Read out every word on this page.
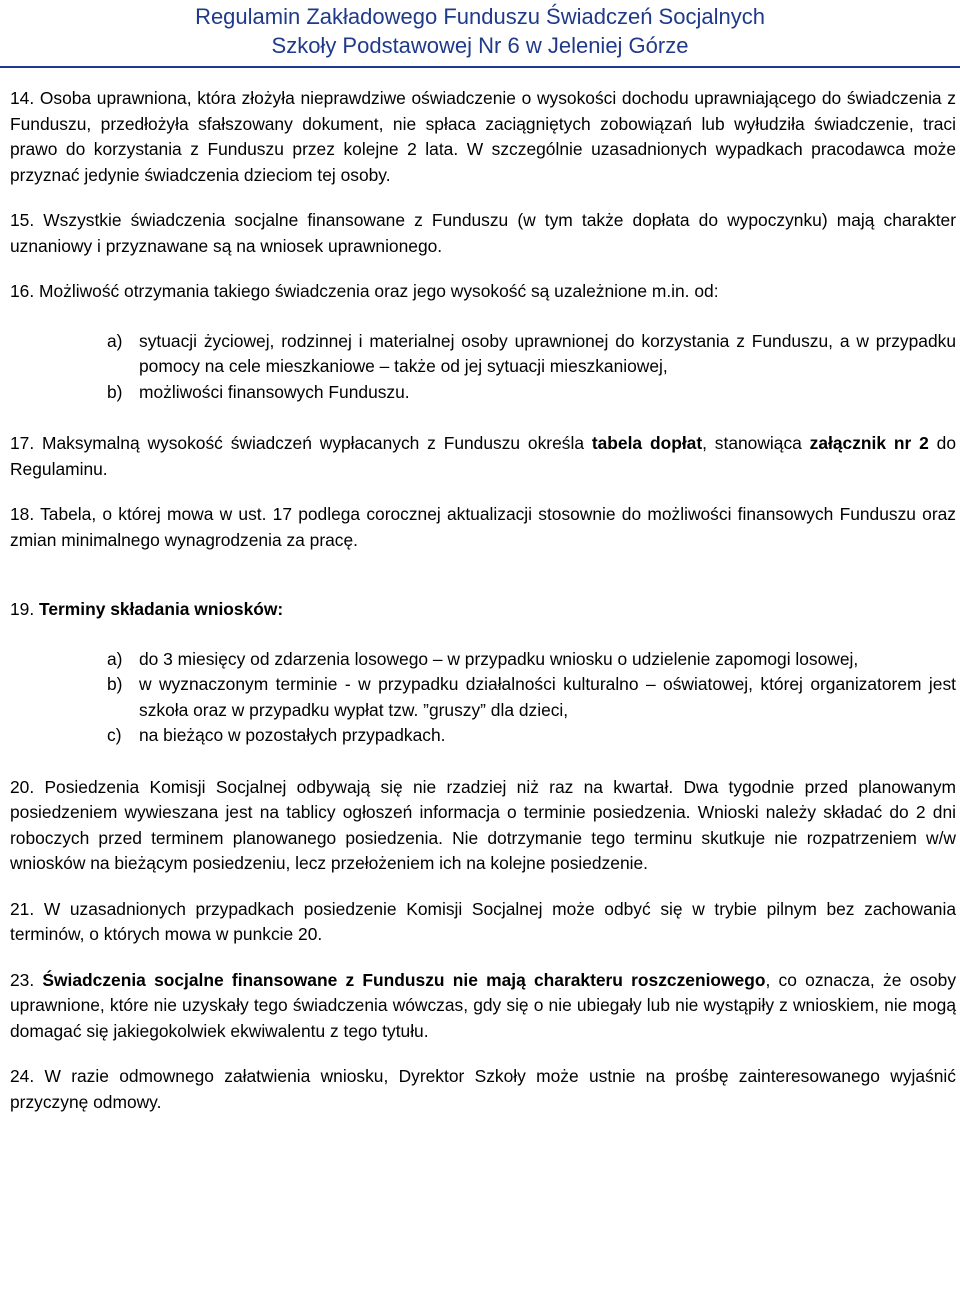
Regulamin Zakładowego Funduszu Świadczeń Socjalnych
Szkoły Podstawowej Nr 6 w Jeleniej Górze

14. Osoba uprawniona, która złożyła nieprawdziwe oświadczenie o wysokości dochodu uprawniającego do świadczenia z Funduszu, przedłożyła sfałszowany dokument, nie spłaca zaciągniętych zobowiązań lub wyłudziła świadczenie, traci prawo do korzystania z Funduszu przez kolejne 2 lata. W szczególnie uzasadnionych wypadkach pracodawca może przyznać jedynie świadczenia dzieciom tej osoby.

15. Wszystkie świadczenia socjalne finansowane z Funduszu (w tym także dopłata do wypoczynku) mają charakter uznaniowy i przyznawane są na wniosek uprawnionego.

16. Możliwość otrzymania takiego świadczenia oraz jego wysokość są uzależnione m.in. od:

a) sytuacji życiowej, rodzinnej i materialnej osoby uprawnionej do korzystania z Funduszu, a w przypadku pomocy na cele mieszkaniowe – także od jej sytuacji mieszkaniowej,
b) możliwości finansowych Funduszu.

17. Maksymalną wysokość świadczeń wypłacanych z Funduszu określa tabela dopłat, stanowiąca załącznik nr 2 do Regulaminu.

18. Tabela, o której mowa w ust. 17 podlega corocznej aktualizacji stosownie do możliwości finansowych Funduszu oraz zmian minimalnego wynagrodzenia za pracę.

19. Terminy składania wniosków:

a) do 3 miesięcy od zdarzenia losowego – w przypadku wniosku o udzielenie zapomogi losowej,
b) w wyznaczonym terminie - w przypadku działalności kulturalno – oświatowej, której organizatorem jest szkoła oraz w przypadku wypłat tzw. ”gruszy” dla dzieci,
c) na bieżąco w pozostałych przypadkach.

20. Posiedzenia Komisji Socjalnej odbywają się nie rzadziej niż raz na kwartał. Dwa tygodnie przed planowanym posiedzeniem wywieszana jest na tablicy ogłoszeń informacja o terminie posiedzenia. Wnioski należy składać do 2 dni roboczych przed terminem planowanego posiedzenia. Nie dotrzymanie tego terminu skutkuje nie rozpatrzeniem w/w wniosków na bieżącym posiedzeniu, lecz przełożeniem ich na kolejne posiedzenie.

21. W uzasadnionych przypadkach posiedzenie Komisji Socjalnej może odbyć się w trybie pilnym bez zachowania terminów, o których mowa w punkcie 20.

23. Świadczenia socjalne finansowane z Funduszu nie mają charakteru roszczeniowego, co oznacza, że osoby uprawnione, które nie uzyskały tego świadczenia wówczas, gdy się o nie ubiegały lub nie wystąpiły z wnioskiem, nie mogą domagać się jakiegokolwiek ekwiwalentu z tego tytułu.

24. W razie odmownego załatwienia wniosku, Dyrektor Szkoły może ustnie na prośbę zainteresowanego wyjaśnić przyczynę odmowy.
